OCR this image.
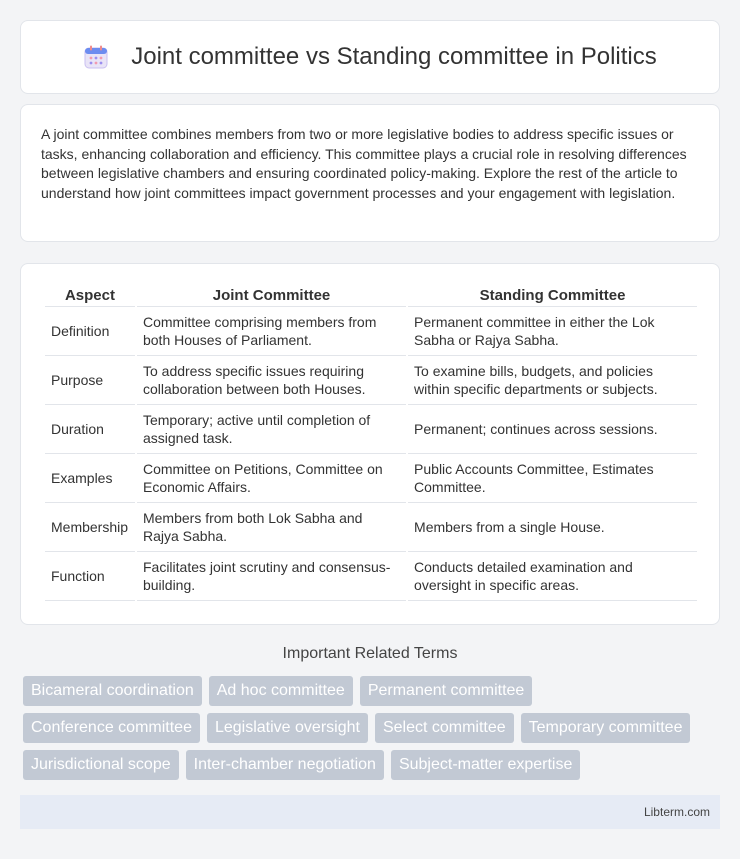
Joint committee vs Standing committee in Politics

A joint committee combines members from two or more legislative bodies to address specific issues or tasks, enhancing collaboration and efficiency. This committee plays a crucial role in resolving differences between legislative chambers and ensuring coordinated policy-making. Explore the rest of the article to understand how joint committees impact government processes and your engagement with legislation.

Aspect	Joint Committee	Standing Committee
Definition	Committee comprising members from both Houses of Parliament.	Permanent committee in either the Lok Sabha or Rajya Sabha.
Purpose	To address specific issues requiring collaboration between both Houses.	To examine bills, budgets, and policies within specific departments or subjects.
Duration	Temporary; active until completion of assigned task.	Permanent; continues across sessions.
Examples	Committee on Petitions, Committee on Economic Affairs.	Public Accounts Committee, Estimates Committee.
Membership	Members from both Lok Sabha and Rajya Sabha.	Members from a single House.
Function	Facilitates joint scrutiny and consensus-building.	Conducts detailed examination and oversight in specific areas.
Important Related Terms
Bicameral coordination	Ad hoc committee	Permanent committee
Conference committee	Legislative oversight	Select committee	Temporary committee
Jurisdictional scope	Inter-chamber negotiation	Subject-matter expertise
Libterm.com
